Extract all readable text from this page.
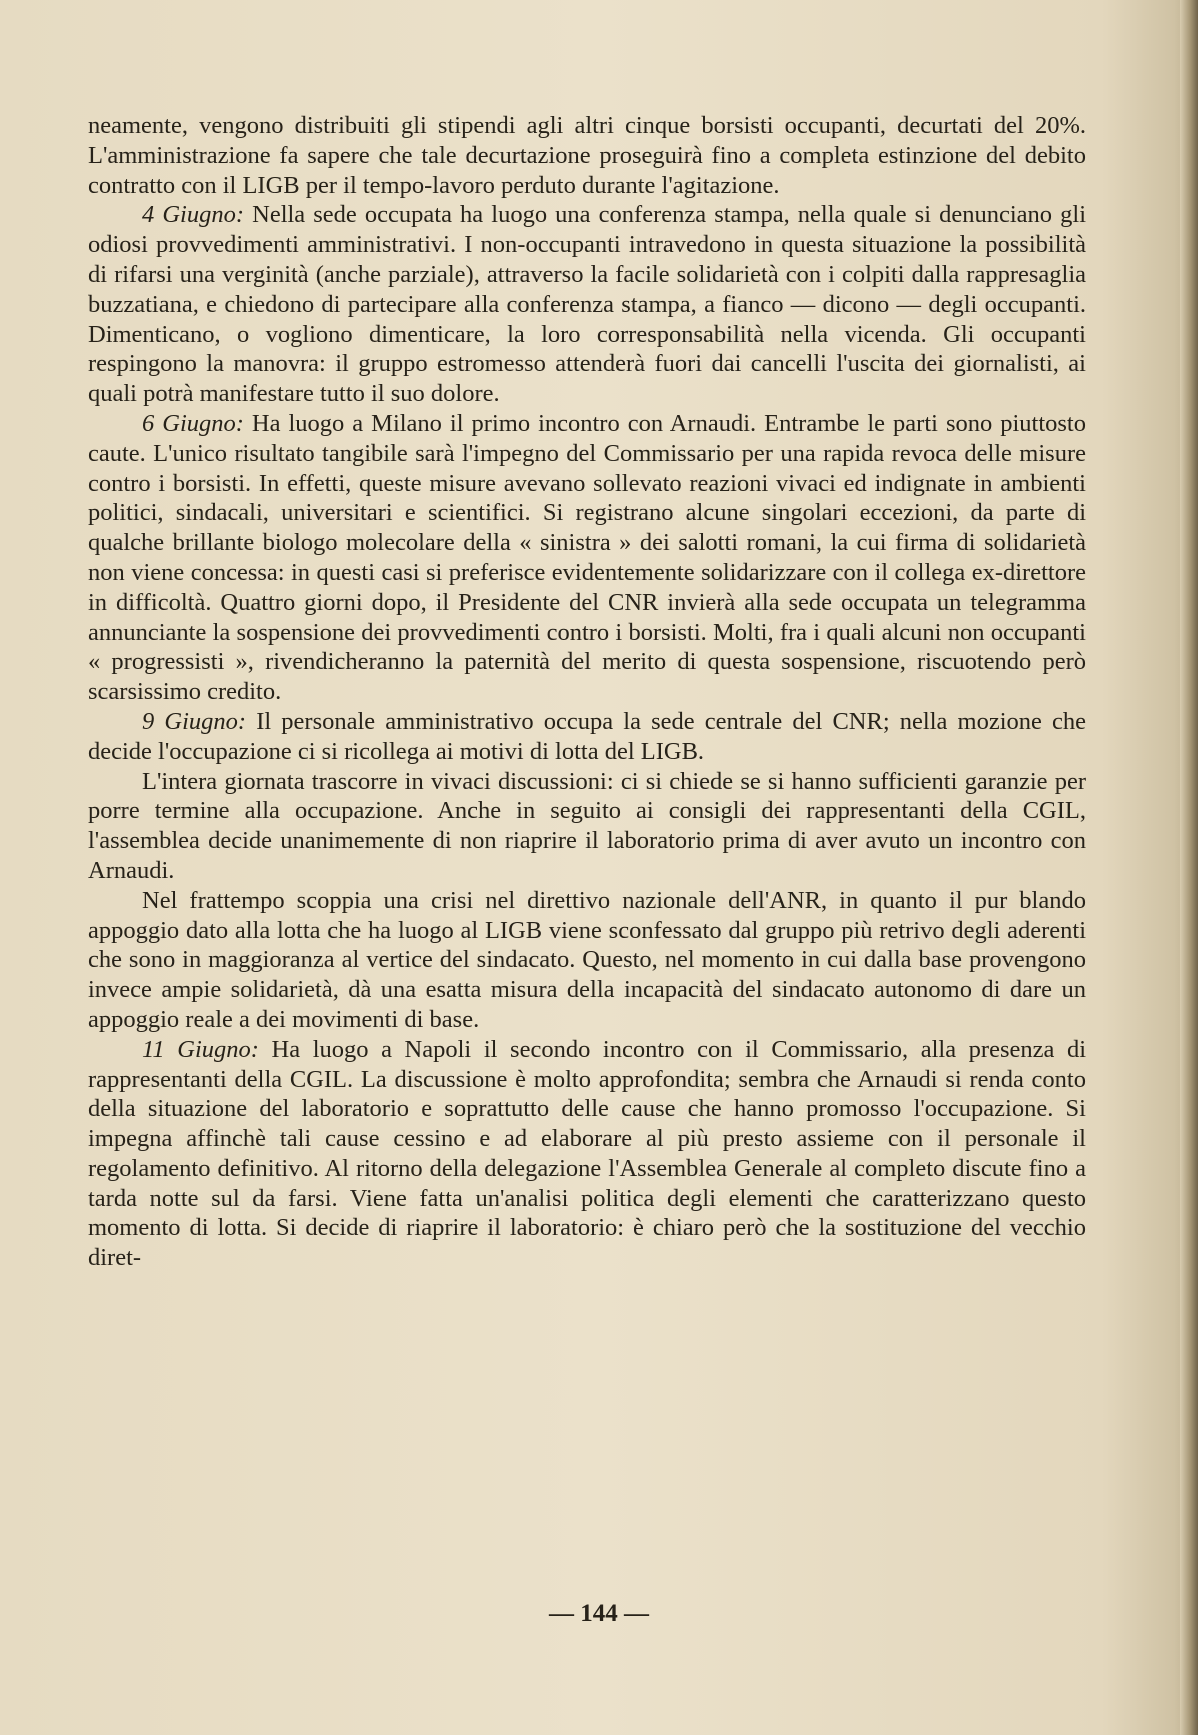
neamente, vengono distribuiti gli stipendi agli altri cinque borsisti occupanti, decurtati del 20%. L'amministrazione fa sapere che tale decurtazione proseguirà fino a completa estinzione del debito contratto con il LIGB per il tempo-lavoro perduto durante l'agitazione.

4 Giugno: Nella sede occupata ha luogo una conferenza stampa, nella quale si denunciano gli odiosi provvedimenti amministrativi. I non-occupanti intravedono in questa situazione la possibilità di rifarsi una verginità (anche parziale), attraverso la facile solidarietà con i colpiti dalla rappresaglia buzzatiana, e chiedono di partecipare alla conferenza stampa, a fianco — dicono — degli occupanti. Dimenticano, o vogliono dimenticare, la loro corresponsabilità nella vicenda. Gli occupanti respingono la manovra: il gruppo estromesso attenderà fuori dai cancelli l'uscita dei giornalisti, ai quali potrà manifestare tutto il suo dolore.

6 Giugno: Ha luogo a Milano il primo incontro con Arnaudi. Entrambe le parti sono piuttosto caute. L'unico risultato tangibile sarà l'impegno del Commissario per una rapida revoca delle misure contro i borsisti. In effetti, queste misure avevano sollevato reazioni vivaci ed indignate in ambienti politici, sindacali, universitari e scientifici. Si registrano alcune singolari eccezioni, da parte di qualche brillante biologo molecolare della « sinistra » dei salotti romani, la cui firma di solidarietà non viene concessa: in questi casi si preferisce evidentemente solidarizzare con il collega ex-direttore in difficoltà. Quattro giorni dopo, il Presidente del CNR invierà alla sede occupata un telegramma annunciante la sospensione dei provvedimenti contro i borsisti. Molti, fra i quali alcuni non occupanti « progressisti », rivendicheranno la paternità del merito di questa sospensione, riscuotendo però scarsissimo credito.

9 Giugno: Il personale amministrativo occupa la sede centrale del CNR; nella mozione che decide l'occupazione ci si ricollega ai motivi di lotta del LIGB.

L'intera giornata trascorre in vivaci discussioni: ci si chiede se si hanno sufficienti garanzie per porre termine alla occupazione. Anche in seguito ai consigli dei rappresentanti della CGIL, l'assemblea decide unanimemente di non riaprire il laboratorio prima di aver avuto un incontro con Arnaudi.

Nel frattempo scoppia una crisi nel direttivo nazionale dell'ANR, in quanto il pur blando appoggio dato alla lotta che ha luogo al LIGB viene sconfessato dal gruppo più retrivo degli aderenti che sono in maggioranza al vertice del sindacato. Questo, nel momento in cui dalla base provengono invece ampie solidarietà, dà una esatta misura della incapacità del sindacato autonomo di dare un appoggio reale a dei movimenti di base.

11 Giugno: Ha luogo a Napoli il secondo incontro con il Commissario, alla presenza di rappresentanti della CGIL. La discussione è molto approfondita; sembra che Arnaudi si renda conto della situazione del laboratorio e soprattutto delle cause che hanno promosso l'occupazione. Si impegna affinchè tali cause cessino e ad elaborare al più presto assieme con il personale il regolamento definitivo. Al ritorno della delegazione l'Assemblea Generale al completo discute fino a tarda notte sul da farsi. Viene fatta un'analisi politica degli elementi che caratterizzano questo momento di lotta. Si decide di riaprire il laboratorio: è chiaro però che la sostituzione del vecchio diret-

— 144 —
